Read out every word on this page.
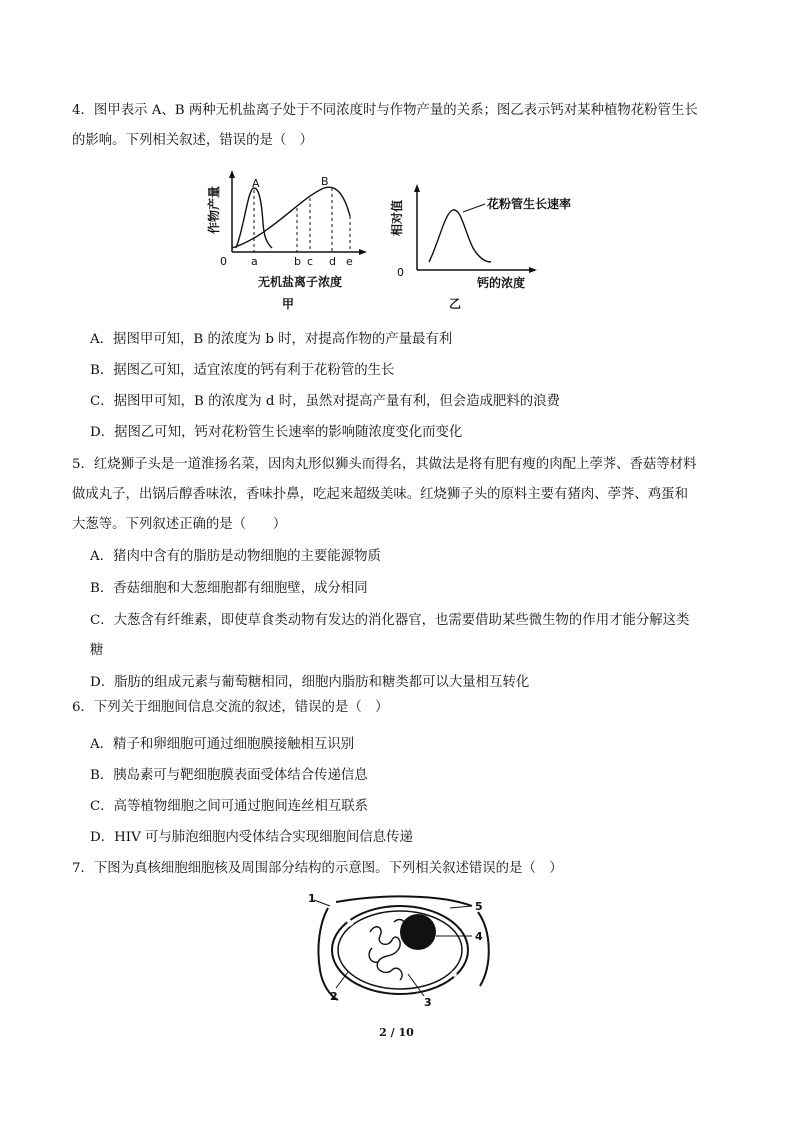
4．图甲表示 A、B 两种无机盐离子处于不同浓度时与作物产量的关系；图乙表示钙对某种植物花粉管生长
的影响。下列相关叙述，错误的是（　）
A	B
0 a	b c d e
无机盐离子浓度
甲
作物产量	花粉管生长速率
0
钙的浓度
乙
相对值
A．据图甲可知，B 的浓度为 b 时，对提高作物的产量最有利
B．据图乙可知，适宜浓度的钙有利于花粉管的生长
C．据图甲可知，B 的浓度为 d 时，虽然对提高产量有利，但会造成肥料的浪费
D．据图乙可知，钙对花粉管生长速率的影响随浓度变化而变化
5．红烧狮子头是一道淮扬名菜，因肉丸形似狮头而得名，其做法是将有肥有瘦的肉配上荸荠、香菇等材料
做成丸子，出锅后醇香味浓，香味扑鼻，吃起来超级美味。红烧狮子头的原料主要有猪肉、荸荠、鸡蛋和
大葱等。下列叙述正确的是（　　）
A．猪肉中含有的脂肪是动物细胞的主要能源物质
B．香菇细胞和大葱细胞都有细胞壁，成分相同
C．大葱含有纤维素，即使草食类动物有发达的消化器官，也需要借助某些微生物的作用才能分解这类
糖
D．脂肪的组成元素与葡萄糖相同，细胞内脂肪和糖类都可以大量相互转化
6．下列关于细胞间信息交流的叙述，错误的是（　）
A．精子和卵细胞可通过细胞膜接触相互识别
B．胰岛素可与靶细胞膜表面受体结合传递信息
C．高等植物细胞之间可通过胞间连丝相互联系
D．HIV 可与肺泡细胞内受体结合实现细胞间信息传递
7．下图为真核细胞细胞核及周围部分结构的示意图。下列相关叙述错误的是（　）
1
2	3
4
5
2 / 10
